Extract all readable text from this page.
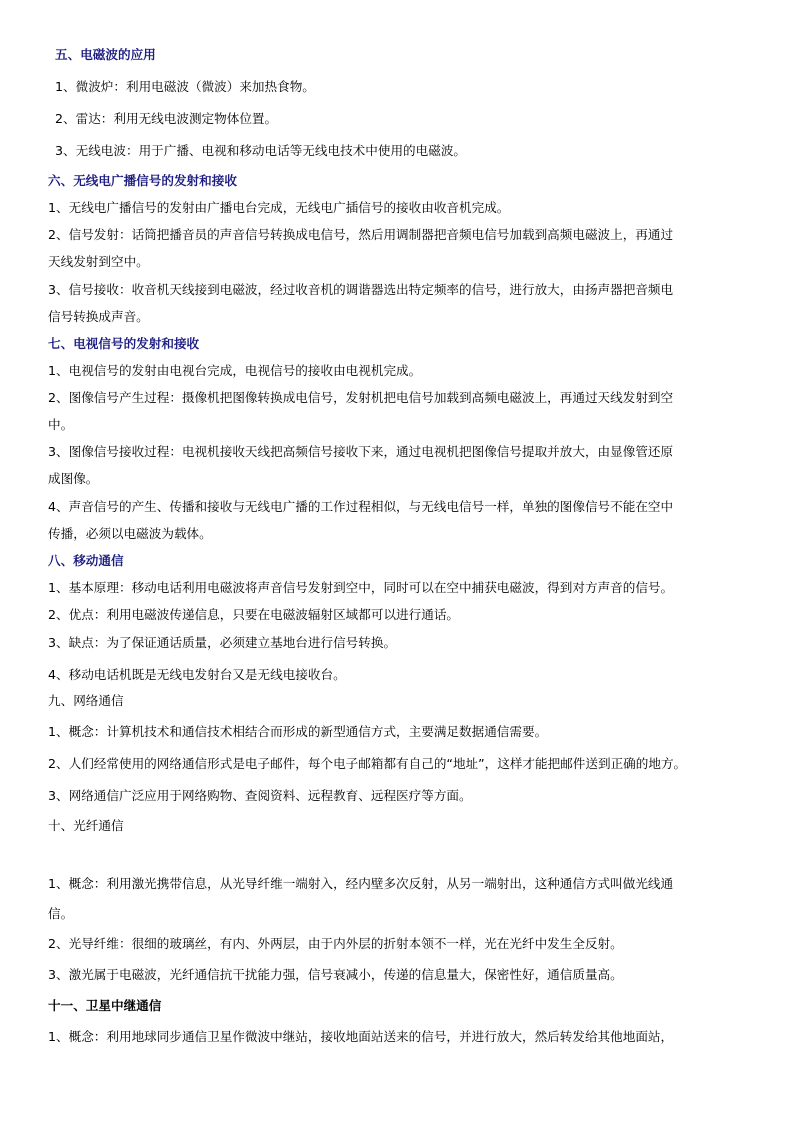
五、电磁波的应用
1、微波炉：利用电磁波（微波）来加热食物。
2、雷达：利用无线电波测定物体位置。
3、无线电波：用于广播、电视和移动电话等无线电技术中使用的电磁波。
六、无线电广播信号的发射和接收
1、无线电广播信号的发射由广播电台完成，无线电广插信号的接收由收音机完成。
2、信号发射：话筒把播音员的声音信号转换成电信号，然后用调制器把音频电信号加载到高频电磁波上，再通过
天线发射到空中。
3、信号接收：收音机天线接到电磁波，经过收音机的调谐器选出特定频率的信号，进行放大，由扬声器把音频电
信号转换成声音。
七、电视信号的发射和接收
1、电视信号的发射由电视台完成，电视信号的接收由电视机完成。
2、图像信号产生过程：摄像机把图像转换成电信号，发射机把电信号加载到高频电磁波上，再通过天线发射到空
中。
3、图像信号接收过程：电视机接收天线把高频信号接收下来，通过电视机把图像信号提取并放大，由显像管还原
成图像。
4、声音信号的产生、传播和接收与无线电广播的工作过程相似，与无线电信号一样，单独的图像信号不能在空中
传播，必须以电磁波为载体。
八、移动通信
1、基本原理：移动电话利用电磁波将声音信号发射到空中，同时可以在空中捕获电磁波，得到对方声音的信号。
2、优点：利用电磁波传递信息，只要在电磁波辐射区域都可以进行通话。
3、缺点：为了保证通话质量，必须建立基地台进行信号转换。
4、移动电话机既是无线电发射台又是无线电接收台。
九、网络通信
1、概念：计算机技术和通信技术相结合而形成的新型通信方式，主要满足数据通信需要。
2、人们经常使用的网络通信形式是电子邮件，每个电子邮箱都有自己的“地址”，这样才能把邮件送到正确的地方。
3、网络通信广泛应用于网络购物、查阅资料、远程教育、远程医疗等方面。
十、光纤通信
1、概念：利用激光携带信息，从光导纤维一端射入，经内壁多次反射，从另一端射出，这种通信方式叫做光线通
信。
2、光导纤维：很细的玻璃丝，有内、外两层，由于内外层的折射本领不一样，光在光纤中发生全反射。
3、激光属于电磁波，光纤通信抗干扰能力强，信号衰减小，传递的信息量大，保密性好，通信质量高。
十一、卫星中继通信
1、概念：利用地球同步通信卫星作微波中继站，接收地面站送来的信号，并进行放大，然后转发给其他地面站，
